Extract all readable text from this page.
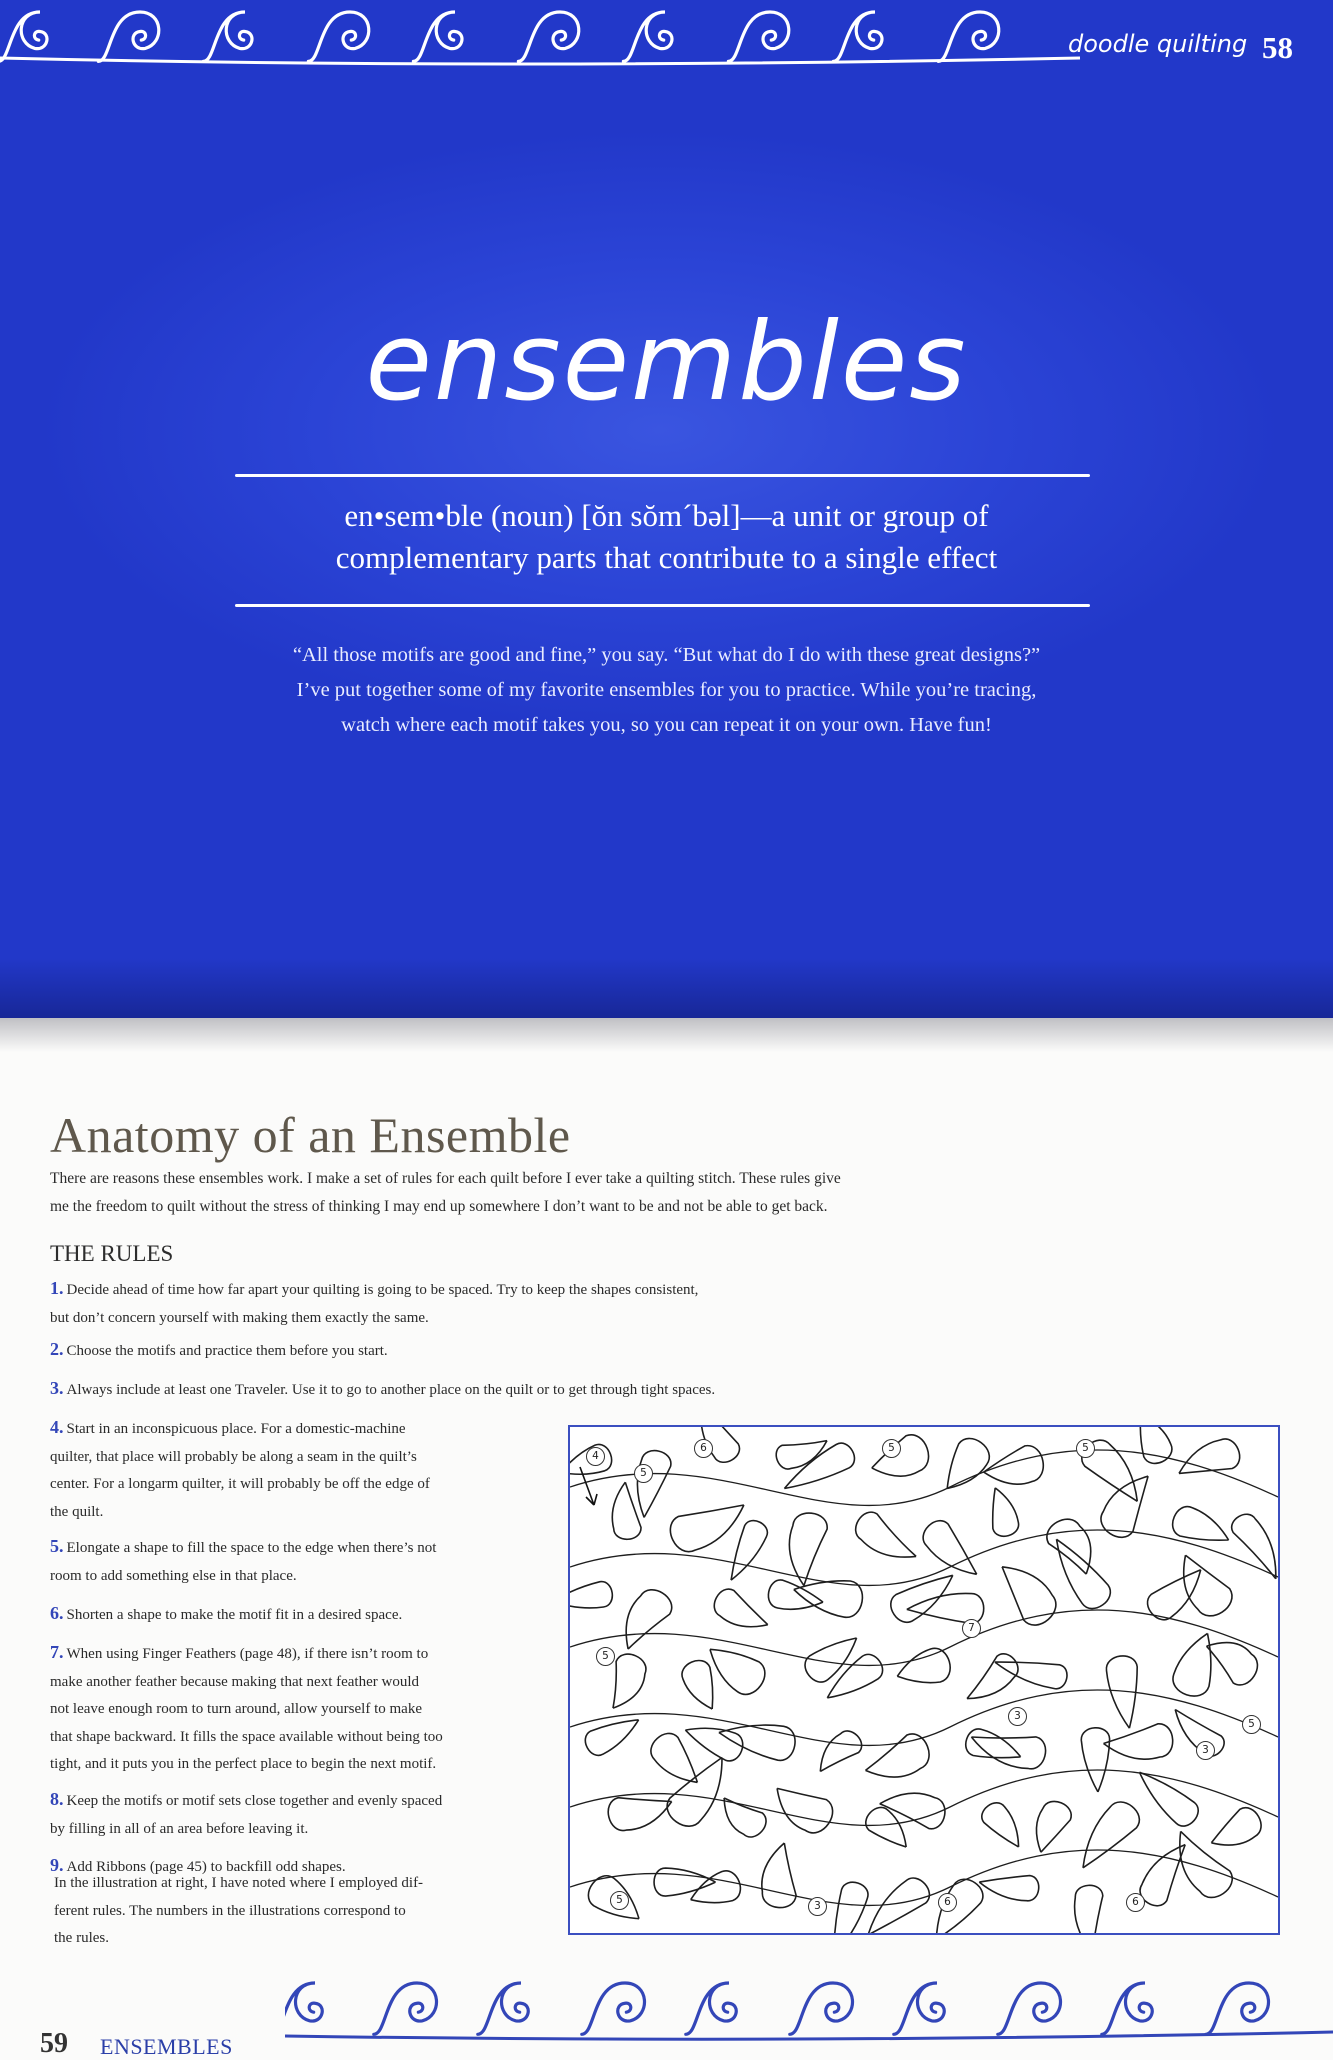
doodle quilting 58
ensembles
en•sem•ble (noun) [ŏn sŏm´bəl]—a unit or group of
complementary parts that contribute to a single effect
“All those motifs are good and fine,” you say. “But what do I do with these great designs?”
I’ve put together some of my favorite ensembles for you to practice. While you’re tracing,
watch where each motif takes you, so you can repeat it on your own. Have fun!
Anatomy of an Ensemble
There are reasons these ensembles work. I make a set of rules for each quilt before I ever take a quilting stitch. These rules give
me the freedom to quilt without the stress of thinking I may end up somewhere I don’t want to be and not be able to get back.
THE RULES
1. Decide ahead of time how far apart your quilting is going to be spaced. Try to keep the shapes consistent,
but don’t concern yourself with making them exactly the same.
2. Choose the motifs and practice them before you start.
3. Always include at least one Traveler. Use it to go to another place on the quilt or to get through tight spaces.
4. Start in an inconspicuous place. For a domestic-machine
quilter, that place will probably be along a seam in the quilt’s
center. For a longarm quilter, it will probably be off the edge of
the quilt.
5. Elongate a shape to fill the space to the edge when there’s not
room to add something else in that place.
6. Shorten a shape to make the motif fit in a desired space.
7. When using Finger Feathers (page 48), if there isn’t room to
make another feather because making that next feather would
not leave enough room to turn around, allow yourself to make
that shape backward. It fills the space available without being too
tight, and it puts you in the perfect place to begin the next motif.
8. Keep the motifs or motif sets close together and evenly spaced
by filling in all of an area before leaving it.
9. Add Ribbons (page 45) to backfill odd shapes.
In the illustration at right, I have noted where I employed dif-
ferent rules. The numbers in the illustrations correspond to
the rules.
4
5
6	5	5
7
5
3
5
3
5	3	6	6
59 ENSEMBLES
